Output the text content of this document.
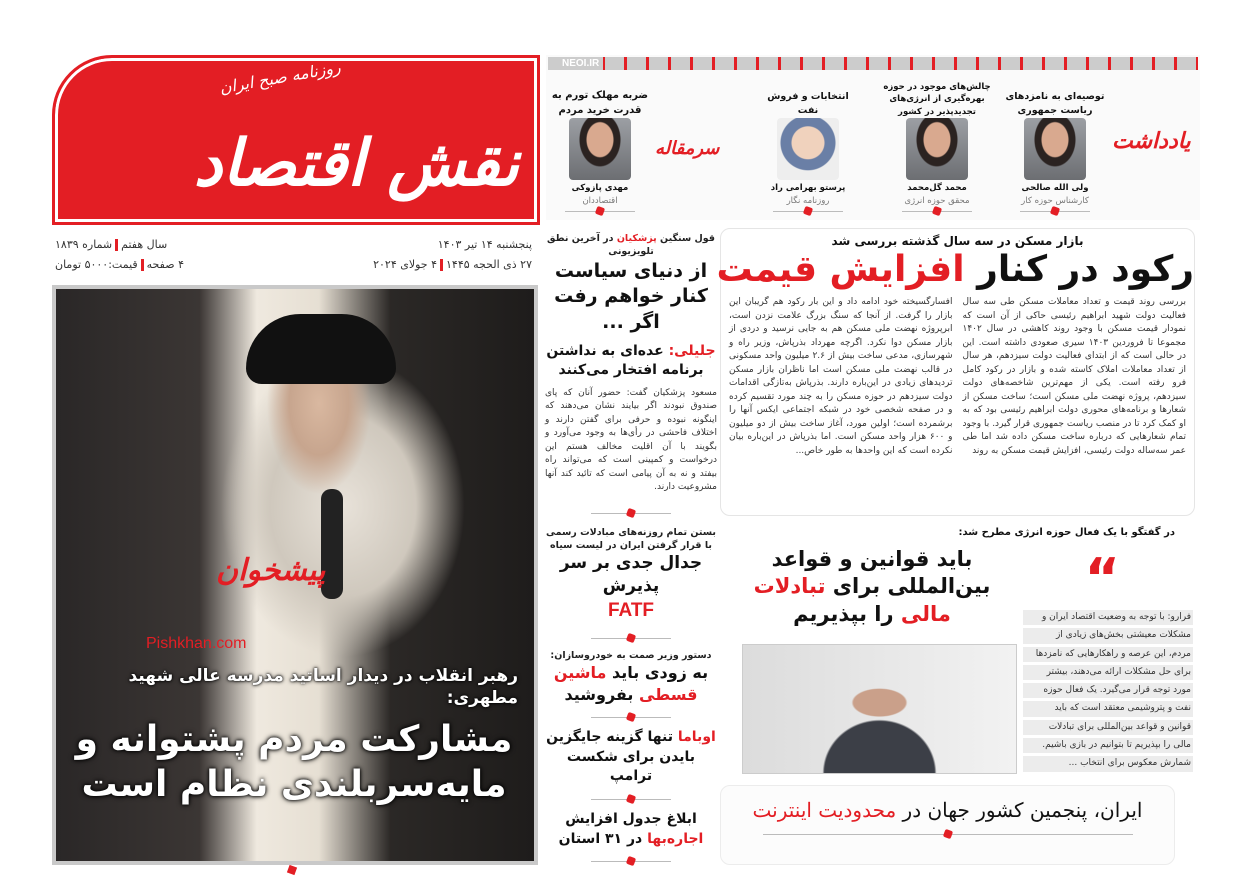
نقش اقتصاد
روزنامه صبح ایران
پنجشنبه ۱۴ تیر ۱۴۰۳
۲۷ ذی الحجه ۱۴۴۵۴ جولای ۲۰۲۴
سال هفتمشماره ۱۸۳۹
۴ صفحهقیمت:۵۰۰۰ تومان
پیشخوان
Pishkhan.com
رهبر انقلاب در دیدار اساتید مدرسه عالی شهید مطهری:
مشارکت مردم پشتوانه و مایه‌سربلندی نظام است
قول سنگین پزشکیان در آخرین نطق تلویزیونی
از دنیای سیاست کنار خواهم رفت اگر ...
جلیلی: عده‌ای به نداشتن برنامه افتخار می‌کنند
مسعود پزشکیان گفت: حضور آنان که پای صندوق نبودند اگر بیایند نشان می‌دهند که اینگونه نبوده و حرفی برای گفتن دارند و اختلاف فاحشی در رأی‌ها به وجود می‌آورد و بگویند با آن اقلیت مخالف هستم این درخواست و کمپینی است که می‌تواند راه بیفتد و نه به آن پیامی است که تائید کند آنها مشروعیت دارند.
بستن تمام روزنه‌های مبادلات رسمی با قرار گرفتن ایران در لیست سیاه
جدال جدی بر سر پذیرش
FATF
دستور وزیر صمت به خودروسازان:
به زودی باید ماشین قسطی بفروشید
اوباما تنها گزینه جایگزین بایدن برای شکست ترامپ
ابلاغ جدول افزایش
اجاره‌بها در ۳۱ استان
NEOI.IR
یادداشت
سرمقاله
توصیه‌ای به نامزدهای ریاست جمهوری
ولی الله صالحی
کارشناس حوزه کار
چالش‌های موجود در حوزه بهره‌گیری از انرژی‌های تجدیدپذیر در کشور
محمد گل‌محمد
محقق حوزه انرژی
انتخابات و فروش نفت
پرستو بهرامی راد
روزنامه نگار
ضربه مهلک تورم به قدرت خرید مردم
مهدی پازوکی
اقتصاددان
بازار مسکن در سه سال گذشته بررسی شد
رکود در کنار افزایش قیمت
بررسی روند قیمت و تعداد معاملات مسکن طی سه سال فعالیت دولت شهید ابراهیم رئیسی حاکی از آن است که نمودار قیمت مسکن با وجود روند کاهشی در سال ۱۴۰۲ مجموعا تا فروردین ۱۴۰۳ سیری صعودی داشته است. این در حالی است که از ابتدای فعالیت دولت سیزدهم، هر سال از تعداد معاملات املاک کاسته شده و بازار در رکود کامل فرو رفته است. یکی از مهم‌ترین شاخصه‌های دولت سیزدهم، پروژه نهضت ملی مسکن است؛ ساخت مسکن از شعارها و برنامه‌های محوری دولت ابراهیم رئیسی بود که به او کمک کرد تا در منصب ریاست جمهوری قرار گیرد. با وجود تمام شعارهایی که درباره ساخت مسکن داده شد اما طی عمر سه‌ساله دولت رئیسی، افزایش قیمت مسکن به روند
افسارگسیخته خود ادامه داد و این بار رکود هم گریبان این بازار را گرفت. از آنجا که سنگ بزرگ علامت نزدن است، ابرپروژه نهضت ملی مسکن هم به جایی نرسید و دردی از بازار مسکن دوا نکرد. اگرچه مهرداد بذرپاش، وزیر راه و شهرسازی، مدعی ساخت بیش از ۲.۶ میلیون واحد مسکونی در قالب نهضت ملی مسکن است اما ناظران بازار مسکن تردیدهای زیادی در این‌باره دارند. بذرپاش به‌تازگی اقدامات دولت سیزدهم در حوزه مسکن را به چند مورد تقسیم کرده و در صفحه شخصی خود در شبکه اجتماعی ایکس آنها را برشمرده است؛ اولین مورد، آغاز ساخت بیش از دو میلیون و ۶۰۰ هزار واحد مسکن است. اما بذرپاش در این‌باره بیان نکرده است که این واحدها به طور خاص...
در گفتگو با یک فعال حوزه انرژی مطرح شد:
باید قوانین و قواعد بین‌المللی برای تبادلات مالی را بپذیریم
“

فرارو: با توجه به وضعیت اقتصاد ایران و

مشکلات معیشتی بخش‌های زیادی از

مردم، این عرصه و راهکارهایی که نامزدها

برای حل مشکلات ارائه می‌دهند، بیشتر

مورد توجه قرار می‌گیرد. یک فعال حوزه

نفت و پتروشیمی معتقد است که باید

قوانین و قواعد بین‌المللی برای تبادلات

مالی را بپذیریم تا بتوانیم در بازی باشیم.

شمارش معکوس برای انتخاب ...

ایران، پنجمین کشور جهان در محدودیت اینترنت
